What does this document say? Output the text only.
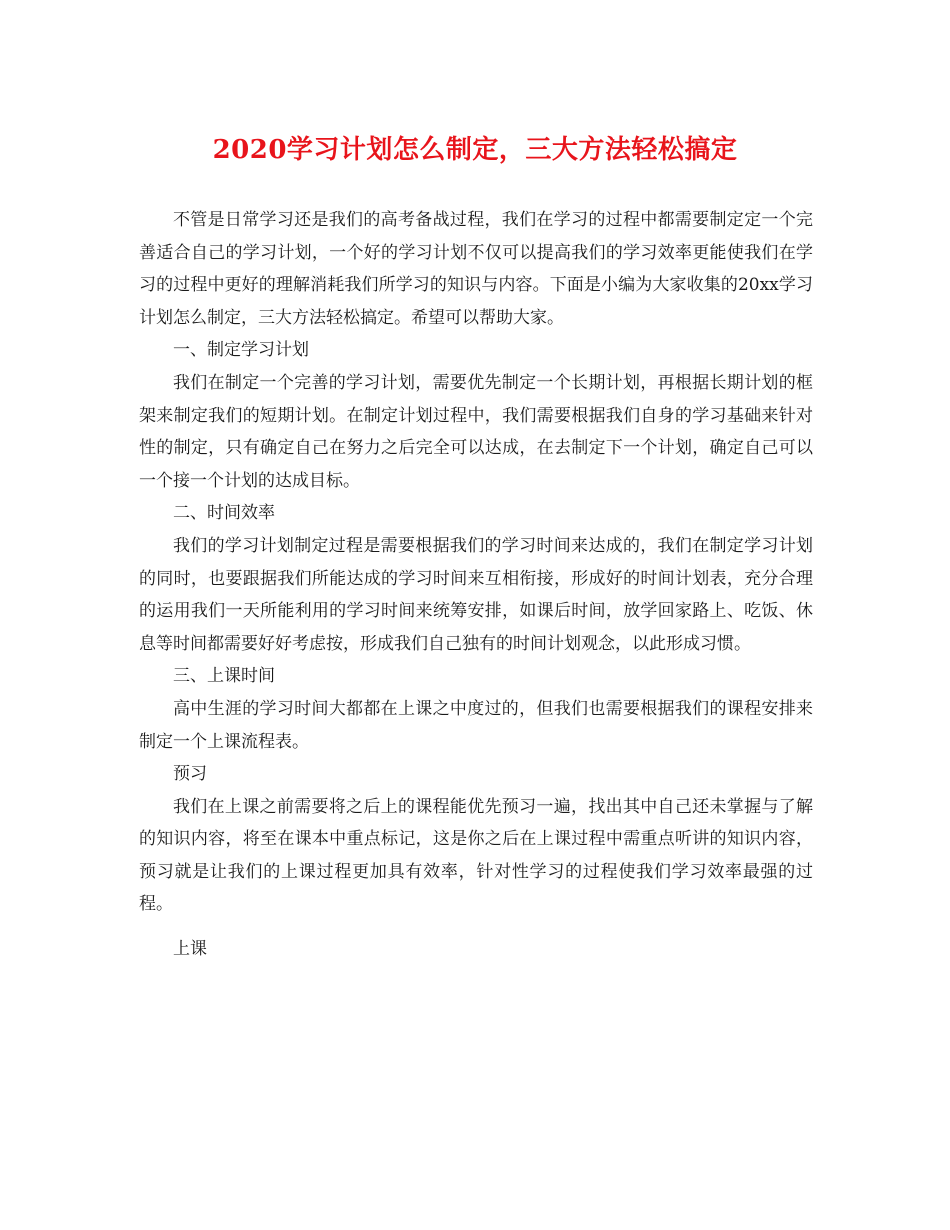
2020学习计划怎么制定，三大方法轻松搞定

不管是日常学习还是我们的高考备战过程，我们在学习的过程中都需要制定定一个完善适合自己的学习计划，一个好的学习计划不仅可以提高我们的学习效率更能使我们在学习的过程中更好的理解消耗我们所学习的知识与内容。下面是小编为大家收集的20xx学习计划怎么制定，三大方法轻松搞定。希望可以帮助大家。

一、制定学习计划

我们在制定一个完善的学习计划，需要优先制定一个长期计划，再根据长期计划的框架来制定我们的短期计划。在制定计划过程中，我们需要根据我们自身的学习基础来针对性的制定，只有确定自己在努力之后完全可以达成，在去制定下一个计划，确定自己可以一个接一个计划的达成目标。

二、时间效率

我们的学习计划制定过程是需要根据我们的学习时间来达成的，我们在制定学习计划的同时，也要跟据我们所能达成的学习时间来互相衔接，形成好的时间计划表，充分合理的运用我们一天所能利用的学习时间来统筹安排，如课后时间，放学回家路上、吃饭、休息等时间都需要好好考虑按，形成我们自己独有的时间计划观念，以此形成习惯。

三、上课时间

高中生涯的学习时间大都都在上课之中度过的，但我们也需要根据我们的课程安排来制定一个上课流程表。

预习

我们在上课之前需要将之后上的课程能优先预习一遍，找出其中自己还未掌握与了解的知识内容，将至在课本中重点标记，这是你之后在上课过程中需重点听讲的知识内容，预习就是让我们的上课过程更加具有效率，针对性学习的过程使我们学习效率最强的过程。

上课
